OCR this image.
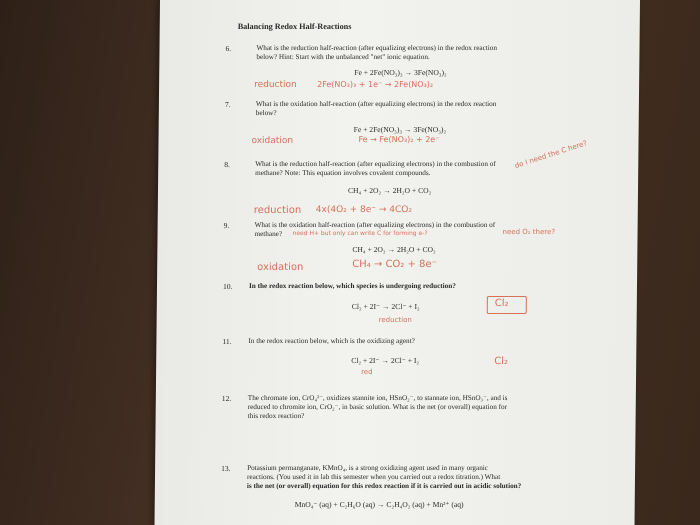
Balancing Redox Half-Reactions
6.	What is the reduction half-reaction (after equalizing electrons) in the redox reaction
below? Hint: Start with the unbalanced "net" ionic equation.
Fe + 2Fe(NO₃)₃ → 3Fe(NO₃)₂
reduction	2Fe(NO₃)₃ + 1e⁻ → 2Fe(NO₃)₂
7.	What is the oxidation half-reaction (after equalizing electrons) in the redox reaction
below?
Fe + 2Fe(NO₃)₃ → 3Fe(NO₃)₂
oxidation	Fe → Fe(NO₃)₂ + 2e⁻
8.	What is the reduction half-reaction (after equalizing electrons) in the combustion of
methane? Note: This equation involves covalent compounds.
do I need the C here?
CH₄ + 2O₂ → 2H₂O + CO₂
reduction 4x(4O₂ + 8e⁻ → 4CO₂
9.	What is the oxidation half-reaction (after equalizing electrons) in the combustion of
methane? need H+ but only can write C for forming e-?	need O₂ there?
CH₄ + 2O₂ → 2H₂O + CO₂
oxidation	CH₄ → CO₂ + 8e⁻
10. In the redox reaction below, which species is undergoing reduction?
Cl₂ + 2I⁻ → 2Cl⁻ + I₂	Cl₂
reduction
11. In the redox reaction below, which is the oxidizing agent?
Cl₂ + 2I⁻ → 2Cl⁻ + I₂	Cl₂
red
12. The chromate ion, CrO₄²⁻, oxidizes stannite ion, HSnO₂⁻, to stannate ion, HSnO₃⁻, and is
reduced to chromite ion, CrO₂⁻, in basic solution. What is the net (or overall) equation for
this redox reaction?
13. Potassium permanganate, KMnO₄, is a strong oxidizing agent used in many organic
reactions. (You used it in lab this semester when you carried out a redox titration.) What
is the net (or overall) equation for this redox reaction if it is carried out in acidic solution?
MnO₄⁻ (aq) + C₂H₆O (aq) → C₂H₄O₂ (aq) + Mn²⁺ (aq)
